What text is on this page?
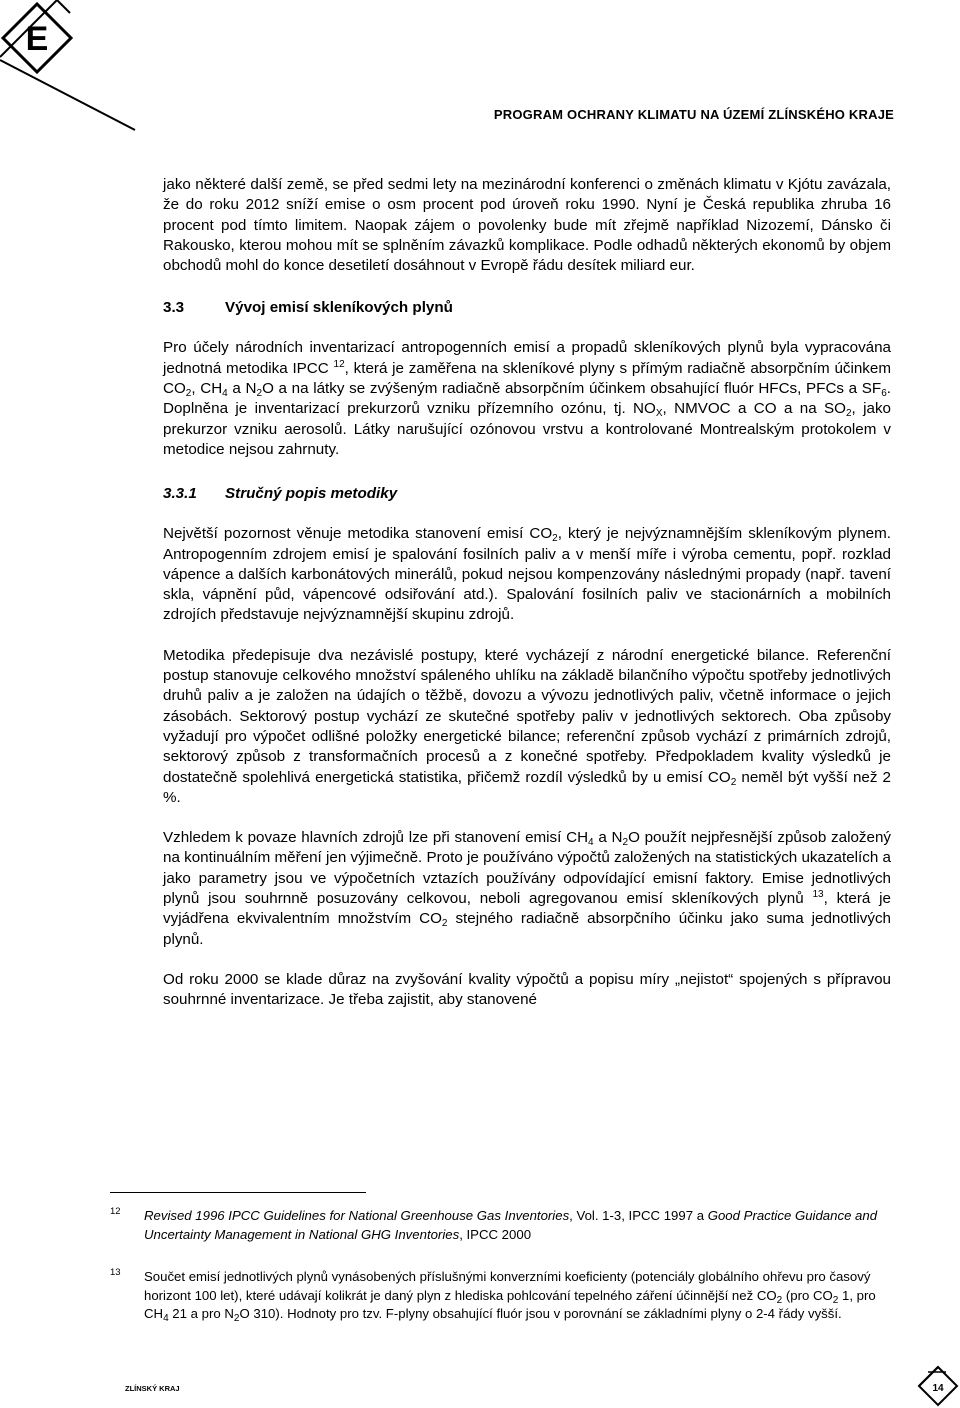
E
PROGRAM OCHRANY KLIMATU NA ÚZEMÍ ZLÍNSKÉHO KRAJE

jako některé další země, se před sedmi lety na mezinárodní konferenci o změnách klimatu v Kjótu zavázala, že do roku 2012 sníží emise o osm procent pod úroveň roku 1990. Nyní je Česká republika zhruba 16 procent pod tímto limitem. Naopak zájem o povolenky bude mít zřejmě například Nizozemí, Dánsko či Rakousko, kterou mohou mít se splněním závazků komplikace. Podle odhadů některých ekonomů by objem obchodů mohl do konce desetiletí dosáhnout v Evropě řádu desítek miliard eur.

3.3	Vývoj emisí skleníkových plynů

Pro účely národních inventarizací antropogenních emisí a propadů skleníkových plynů byla vypracována jednotná metodika IPCC $^{12}$, která je zaměřena na skleníkové plyny s přímým radiačně absorpčním účinkem $CO_2$, $CH_4$ a $N_2O$ a na látky se zvýšeným radiačně absorpčním účinkem obsahující fluór HFCs, PFCs a $SF_6$. Doplněna je inventarizací prekurzorů vzniku přízemního ozónu, tj. $NO_X$, NMVOC a CO a na $SO_2$, jako prekurzor vzniku aerosolů. Látky narušující ozónovou vrstvu a kontrolované Montrealským protokolem v metodice nejsou zahrnuty.

3.3.1 Stručný popis metodiky

Největší pozornost věnuje metodika stanovení emisí $CO_2$, který je nejvýznamnějším skleníkovým plynem. Antropogenním zdrojem emisí je spalování fosilních paliv a v menší míře i výroba cementu, popř. rozklad vápence a dalších karbonátových minerálů, pokud nejsou kompenzovány následnými propady (např. tavení skla, vápnění půd, vápencové odsiřování atd.). Spalování fosilních paliv ve stacionárních a mobilních zdrojích představuje nejvýznamnější skupinu zdrojů.

Metodika předepisuje dva nezávislé postupy, které vycházejí z národní energetické bilance. Referenční postup stanovuje celkového množství spáleného uhlíku na základě bilančního výpočtu spotřeby jednotlivých druhů paliv a je založen na údajích o těžbě, dovozu a vývozu jednotlivých paliv, včetně informace o jejich zásobách. Sektorový postup vychází ze skutečné spotřeby paliv v jednotlivých sektorech. Oba způsoby vyžadují pro výpočet odlišné položky energetické bilance; referenční způsob vychází z primárních zdrojů, sektorový způsob z transformačních procesů a z konečné spotřeby. Předpokladem kvality výsledků je dostatečně spolehlivá energetická statistika, přičemž rozdíl výsledků by u emisí $CO_2$ neměl být vyšší než 2 %.

Vzhledem k povaze hlavních zdrojů lze při stanovení emisí $CH_4$ a $N_2O$ použít nejpřesnější způsob založený na kontinuálním měření jen výjimečně. Proto je používáno výpočtů založených na statistických ukazatelích a jako parametry jsou ve výpočetních vztazích používány odpovídající emisní faktory. Emise jednotlivých plynů jsou souhrnně posuzovány celkovou, neboli agregovanou emisí skleníkových plynů $^{13}$, která je vyjádřena ekvivalentním množstvím $CO_2$ stejného radiačně absorpčního účinku jako suma jednotlivých plynů.

Od roku 2000 se klade důraz na zvyšování kvality výpočtů a popisu míry „nejistot“ spojených s přípravou souhrnné inventarizace. Je třeba zajistit, aby stanovené

12 Revised 1996 IPCC Guidelines for National Greenhouse Gas Inventories, Vol. 1-3, IPCC 1997 a Good Practice Guidance and Uncertainty Management in National GHG Inventories, IPCC 2000

13 Součet emisí jednotlivých plynů vynásobených příslušnými konverzními koeficienty (potenciály globálního ohřevu pro časový horizont 100 let), které udávají kolikrát je daný plyn z hlediska pohlcování tepelného záření účinnější než $CO_2$ (pro $CO_2$ 1, pro $CH_4$ 21 a pro $N_2O$ 310). Hodnoty pro tzv. F-plyny obsahující fluór jsou v porovnání se základními plyny o 2-4 řády vyšší.

ZLÍNSKÝ KRAJ	14
